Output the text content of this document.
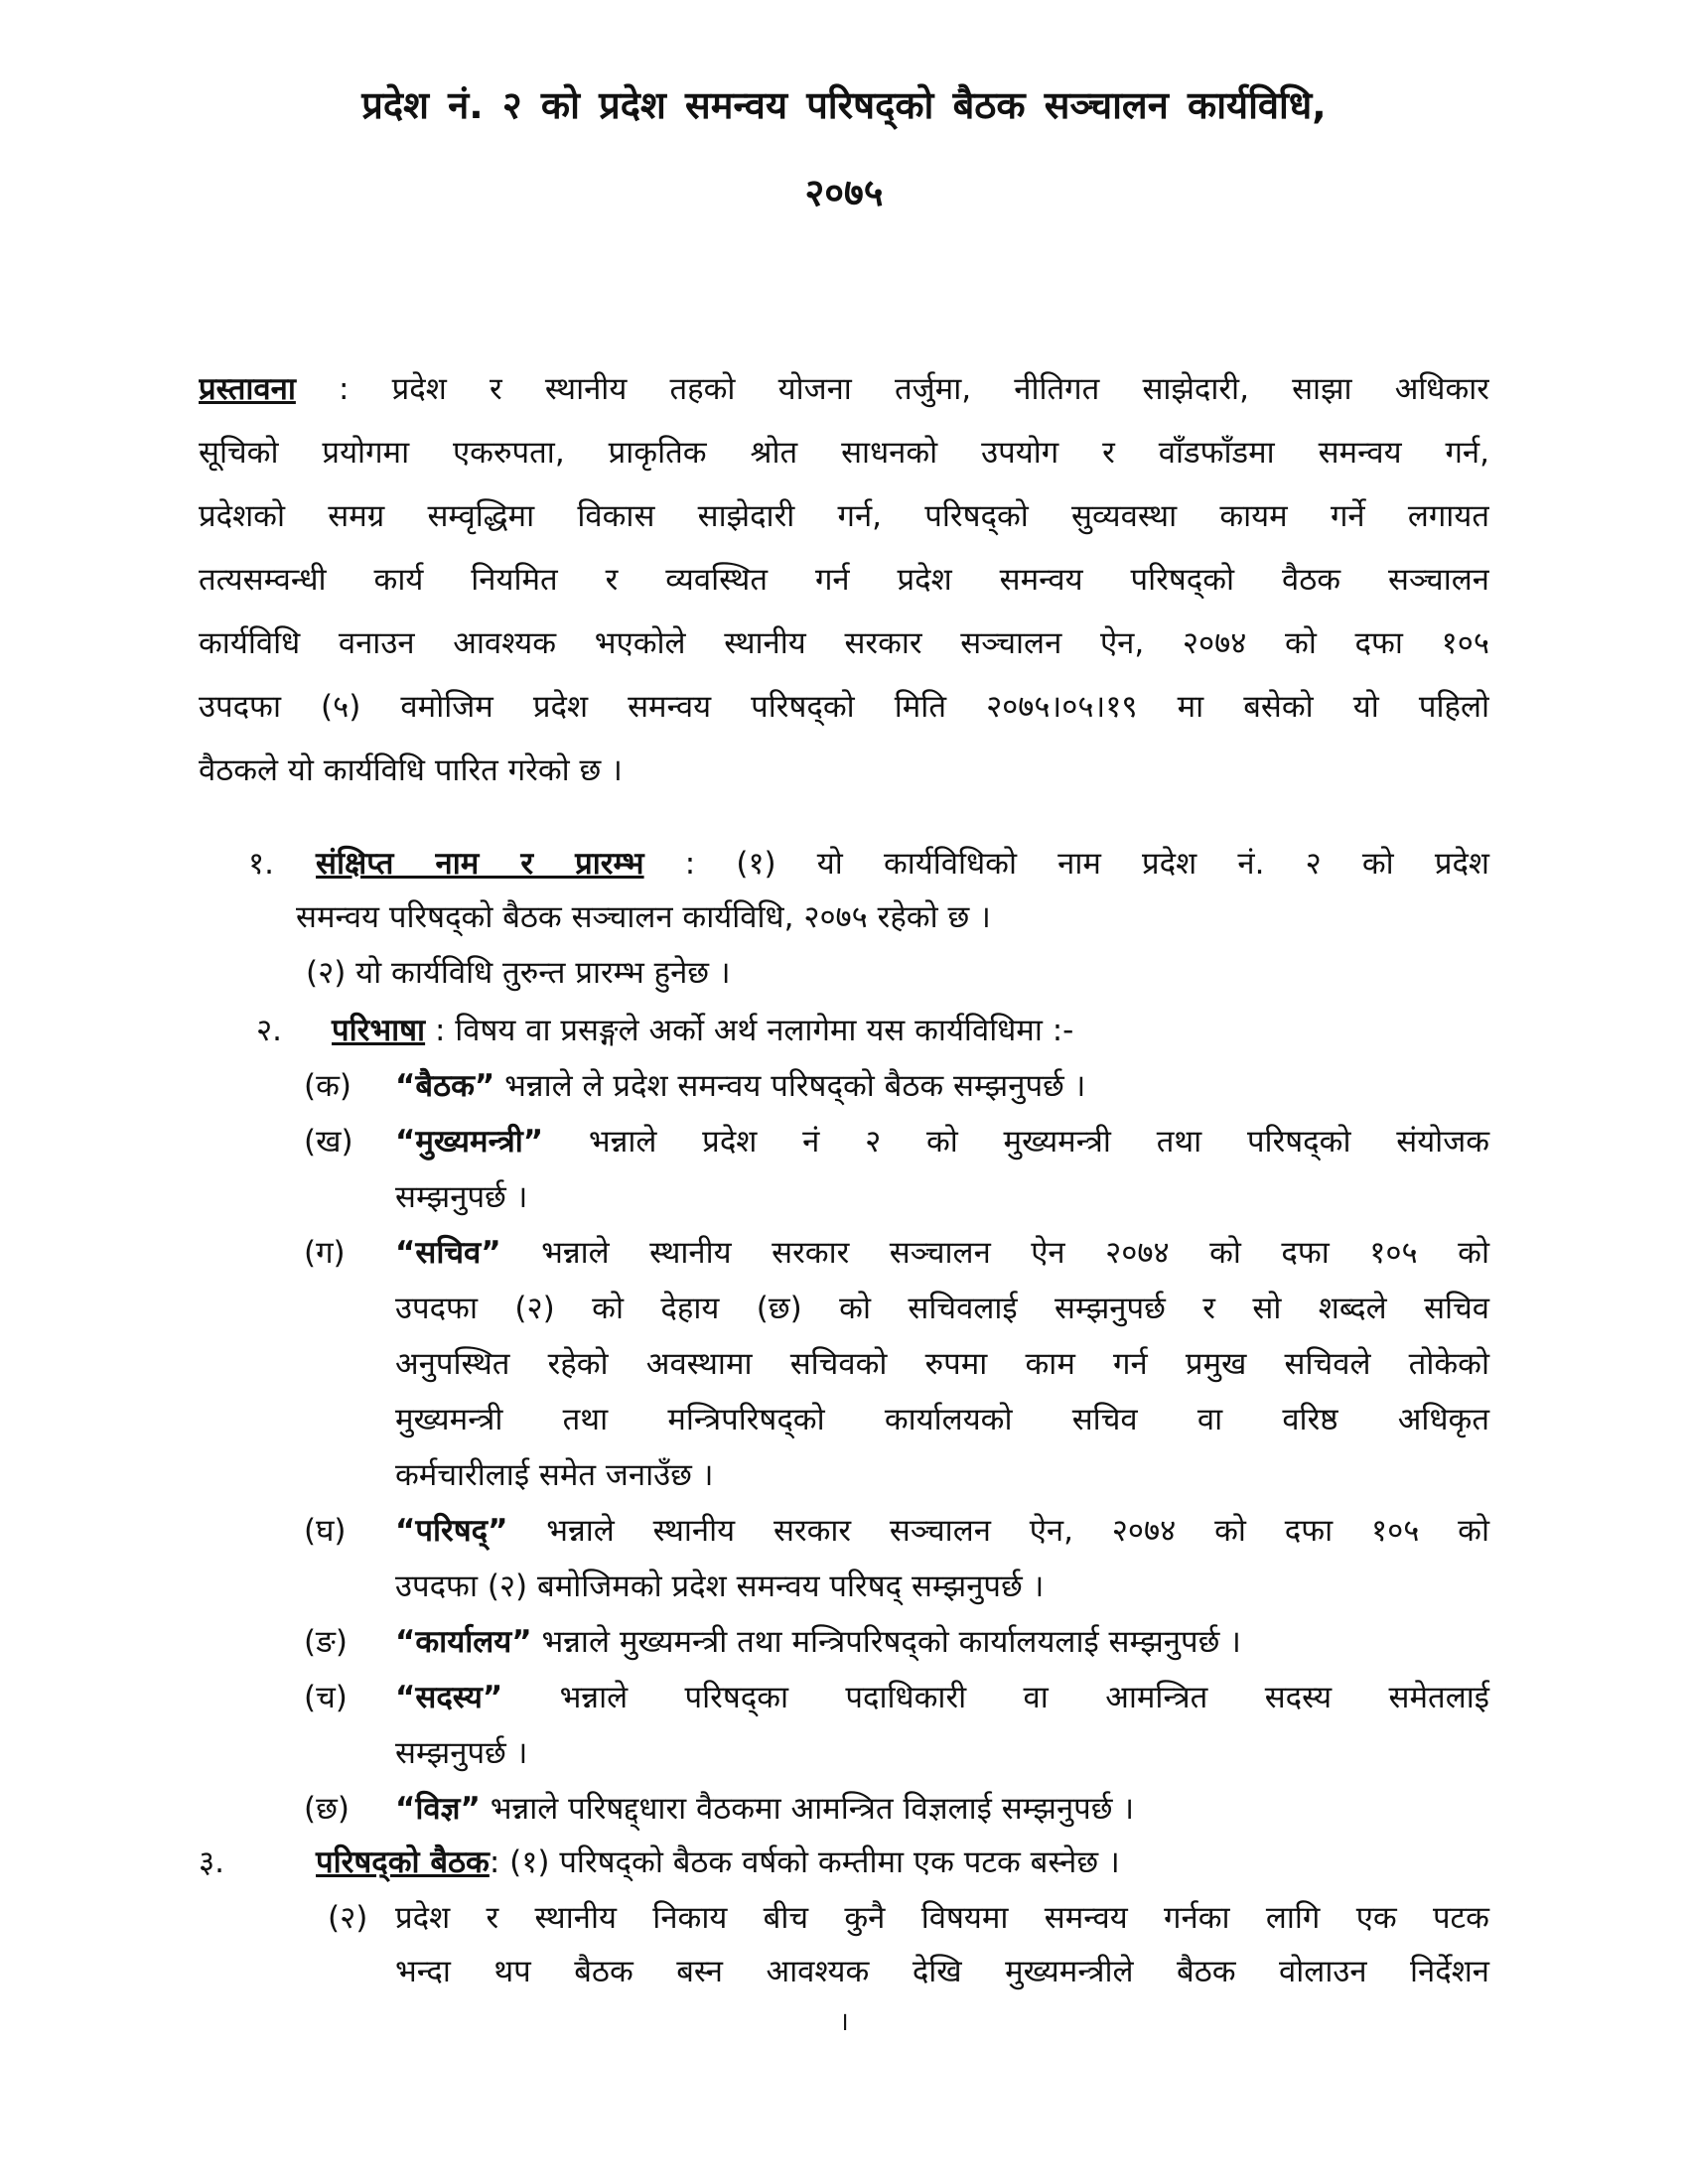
प्रदेश नं. २ को प्रदेश समन्वय परिषद्को बैठक सञ्चालन कार्यविधि,
२०७५
प्रस्तावना : प्रदेश र स्थानीय तहको योजना तर्जुमा, नीतिगत साझेदारी, साझा अधिकार
सूचिको प्रयोगमा एकरुपता, प्राकृतिक श्रोत साधनको उपयोग र वाँडफाँडमा समन्वय गर्न,
प्रदेशको समग्र सम्वृद्धिमा विकास साझेदारी गर्न, परिषद्को सुव्यवस्था कायम गर्ने लगायत
तत्यसम्वन्धी कार्य नियमित र व्यवस्थित गर्न प्रदेश समन्वय परिषद्को वैठक सञ्चालन
कार्यविधि वनाउन आवश्यक भएकोले स्थानीय सरकार सञ्चालन ऐन, २०७४ को दफा १०५
उपदफा (५) वमोजिम प्रदेश समन्वय परिषद्को मिति २०७५।०५।१९ मा बसेको यो पहिलो
वैठकले यो कार्यविधि पारित गरेको छ ।
१. संक्षिप्त नाम र प्रारम्भ : (१) यो कार्यविधिको नाम प्रदेश नं. २ को प्रदेश
समन्वय परिषद्को बैठक सञ्चालन कार्यविधि, २०७५ रहेको छ ।
(२) यो कार्यविधि तुरुन्त प्रारम्भ हुनेछ ।
२. परिभाषा : विषय वा प्रसङ्गले अर्को अर्थ नलागेमा यस कार्यविधिमा :-
(क) “बैठक” भन्नाले ले प्रदेश समन्वय परिषद्को बैठक सम्झनुपर्छ ।
(ख) “मुख्यमन्त्री” भन्नाले प्रदेश नं २ को मुख्यमन्त्री तथा परिषद्को संयोजक
सम्झनुपर्छ ।
(ग) “सचिव” भन्नाले स्थानीय सरकार सञ्चालन ऐन २०७४ को दफा १०५ को
उपदफा (२) को देहाय (छ) को सचिवलाई सम्झनुपर्छ र सो शब्दले सचिव
अनुपस्थित रहेको अवस्थामा सचिवको रुपमा काम गर्न प्रमुख सचिवले तोकेको
मुख्यमन्त्री तथा मन्त्रिपरिषद्को कार्यालयको सचिव वा वरिष्ठ अधिकृत
कर्मचारीलाई समेत जनाउँछ ।
(घ) “परिषद्” भन्नाले स्थानीय सरकार सञ्चालन ऐन, २०७४ को दफा १०५ को
उपदफा (२) बमोजिमको प्रदेश समन्वय परिषद् सम्झनुपर्छ ।
(ङ) “कार्यालय” भन्नाले मुख्यमन्त्री तथा मन्त्रिपरिषद्को कार्यालयलाई सम्झनुपर्छ ।
(च) “सदस्य” भन्नाले परिषद्का पदाधिकारी वा आमन्त्रित सदस्य समेतलाई
सम्झनुपर्छ ।
(छ) “विज्ञ” भन्नाले परिषद्द्धारा वैठकमा आमन्त्रित विज्ञलाई सम्झनुपर्छ ।
३.	परिषद्को बैठक: (१) परिषद्को बैठक वर्षको कम्तीमा एक पटक बस्नेछ ।
(२) प्रदेश र स्थानीय निकाय बीच कुनै विषयमा समन्वय गर्नका लागि एक पटक
भन्दा थप बैठक बस्न आवश्यक देखि मुख्यमन्त्रीले बैठक वोलाउन निर्देशन
।
